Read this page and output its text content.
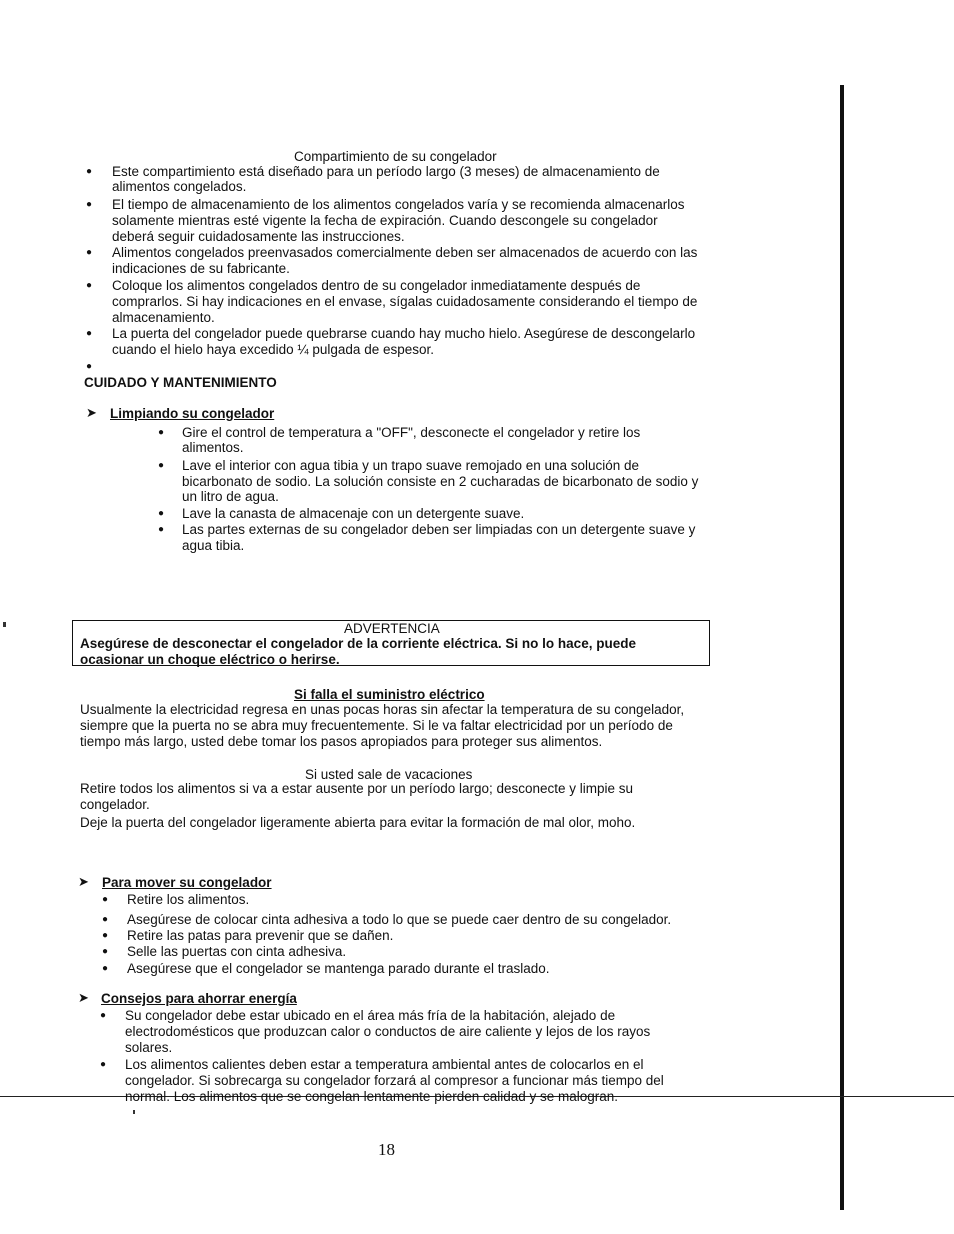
Compartimiento de su congelador
● Este compartimiento está diseñado para un período largo (3 meses) de almacenamiento de
alimentos congelados.
● El tiempo de almacenamiento de los alimentos congelados varía y se recomienda almacenarlos
solamente mientras esté vigente la fecha de expiración. Cuando descongele su congelador
deberá seguir cuidadosamente las instrucciones.
● Alimentos congelados preenvasados comercialmente deben ser almacenados de acuerdo con las
indicaciones de su fabricante.
● Coloque los alimentos congelados dentro de su congelador inmediatamente después de
comprarlos. Si hay indicaciones en el envase, sígalas cuidadosamente considerando el tiempo de
almacenamiento.
● La puerta del congelador puede quebrarse cuando hay mucho hielo. Asegúrese de descongelarlo
cuando el hielo haya excedido ¼ pulgada de espesor.
●
CUIDADO Y MANTENIMIENTO
➤ Limpiando su congelador
● Gire el control de temperatura a "OFF", desconecte el congelador y retire los
alimentos.
● Lave el interior con agua tibia y un trapo suave remojado en una solución de
bicarbonato de sodio. La solución consiste en 2 cucharadas de bicarbonato de sodio y
un litro de agua.
● Lave la canasta de almacenaje con un detergente suave.
● Las partes externas de su congelador deben ser limpiadas con un detergente suave y
agua tibia.
ADVERTENCIA
Asegúrese de desconectar el congelador de la corriente eléctrica. Si no lo hace, puede
ocasionar un choque eléctrico o herirse.
Si falla el suministro eléctrico
Usualmente la electricidad regresa en unas pocas horas sin afectar la temperatura de su congelador,
siempre que la puerta no se abra muy frecuentemente. Si le va faltar electricidad por un período de
tiempo más largo, usted debe tomar los pasos apropiados para proteger sus alimentos.
Si usted sale de vacaciones
Retire todos los alimentos si va a estar ausente por un período largo; desconecte y limpie su
congelador.
Deje la puerta del congelador ligeramente abierta para evitar la formación de mal olor, moho.
➤ Para mover su congelador
● Retire los alimentos.
● Asegúrese de colocar cinta adhesiva a todo lo que se puede caer dentro de su congelador.
● Retire las patas para prevenir que se dañen.
● Selle las puertas con cinta adhesiva.
● Asegúrese que el congelador se mantenga parado durante el traslado.
➤ Consejos para ahorrar energía
● Su congelador debe estar ubicado en el área más fría de la habitación, alejado de
electrodomésticos que produzcan calor o conductos de aire caliente y lejos de los rayos
solares.
● Los alimentos calientes deben estar a temperatura ambiental antes de colocarlos en el
congelador. Si sobrecarga su congelador forzará al compresor a funcionar más tiempo del
normal. Los alimentos que se congelan lentamente pierden calidad y se malogran.
18
